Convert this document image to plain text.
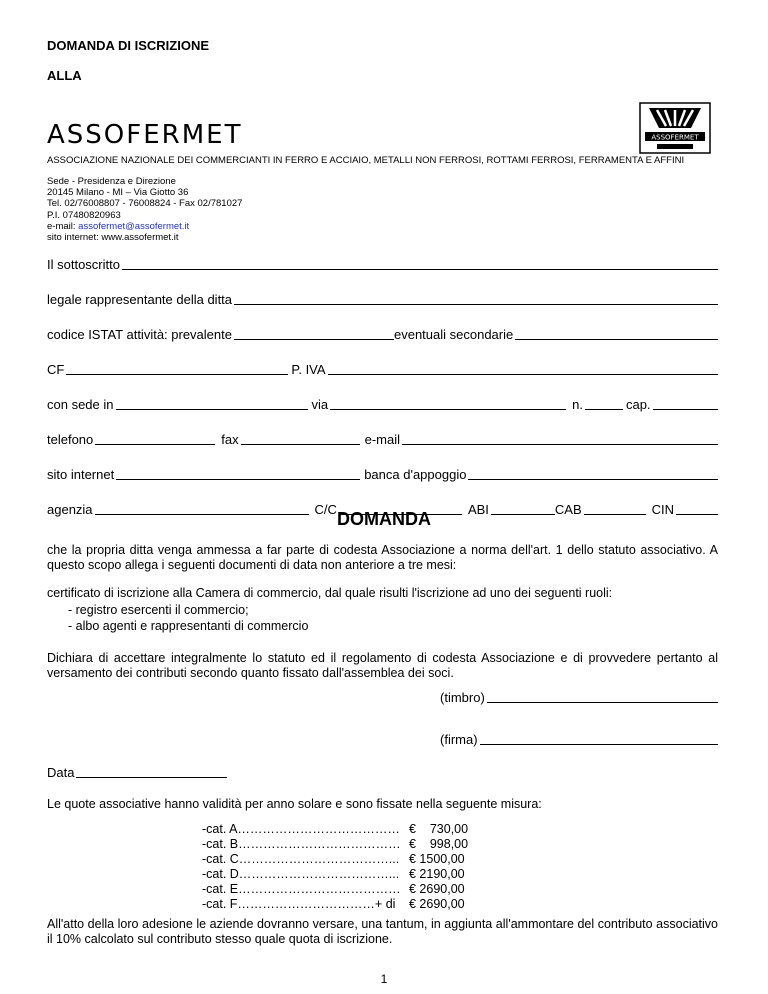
DOMANDA DI ISCRIZIONE
ALLA
ASSOFERMET	ASSOFERMET
ASSOCIAZIONE NAZIONALE DEI COMMERCIANTI IN FERRO E ACCIAIO, METALLI NON FERROSI, ROTTAMI FERROSI, FERRAMENTA E AFFINI
Sede - Presidenza e Direzione
20145 Milano - MI – Via Giotto 36
Tel. 02/76008807 - 76008824 - Fax 02/781027
P.I. 07480820963
e-mail: assofermet@assofermet.it
sito internet: www.assofermet.it
Il sottoscritto
legale rappresentante della ditta
codice ISTAT attività: prevalente	eventuali secondarie
CF	P. IVA
con sede in	via	n.	cap.
telefono	fax	e-mail
sito internet	banca d'appoggio
agenzia	C/C	ABI	CAB	CIN
DOMANDA
che la propria ditta venga ammessa a far parte di codesta Associazione a norma dell'art. 1 dello statuto associativo. A questo scopo allega i seguenti documenti di data non anteriore a tre mesi:
certificato di iscrizione alla Camera di commercio, dal quale risulti l'iscrizione ad uno dei seguenti ruoli:
- registro esercenti il commercio;
- albo agenti e rappresentanti di commercio
Dichiara di accettare integralmente lo statuto ed il regolamento di codesta Associazione e di provvedere pertanto al versamento dei contributi secondo quanto fissato dall'assemblea dei soci.
(timbro)
(firma)
Data
Le quote associative hanno validità per anno solare e sono fissate nella seguente misura:
-cat. A………………………………… €    730,00
-cat. B………………………………… €    998,00
-cat. C………………………………... € 1500,00
-cat. D………………………………... € 2190,00
-cat. E………………………………… € 2690,00
-cat. F……………………………+ di	€ 2690,00
All'atto della loro adesione le aziende dovranno versare, una tantum, in aggiunta all'ammontare del contributo associativo il 10% calcolato sul contributo stesso quale quota di iscrizione.
1
